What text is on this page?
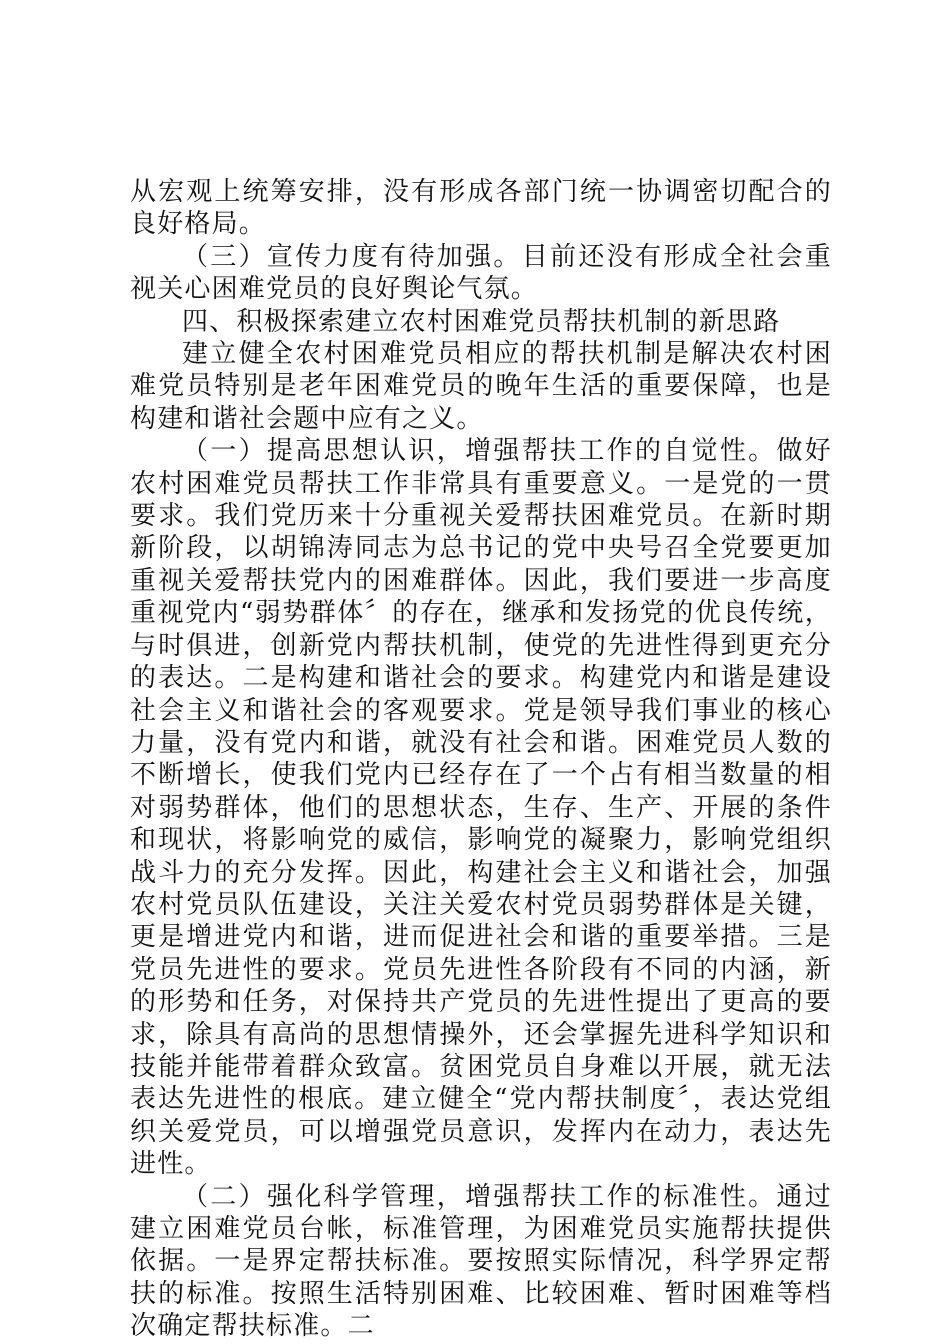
从宏观上统筹安排，没有形成各部门统一协调密切配合的良好格局。

（三）宣传力度有待加强。目前还没有形成全社会重视关心困难党员的良好舆论气氛。

四、积极探索建立农村困难党员帮扶机制的新思路

建立健全农村困难党员相应的帮扶机制是解决农村困难党员特别是老年困难党员的晚年生活的重要保障，也是构建和谐社会题中应有之义。

（一）提高思想认识，增强帮扶工作的自觉性。做好农村困难党员帮扶工作非常具有重要意义。一是党的一贯要求。我们党历来十分重视关爱帮扶困难党员。在新时期新阶段，以胡锦涛同志为总书记的党中央号召全党要更加重视关爱帮扶党内的困难群体。因此，我们要进一步高度重视党内“弱势群体〞的存在，继承和发扬党的优良传统，与时俱进，创新党内帮扶机制，使党的先进性得到更充分的表达。二是构建和谐社会的要求。构建党内和谐是建设社会主义和谐社会的客观要求。党是领导我们事业的核心力量，没有党内和谐，就没有社会和谐。困难党员人数的不断增长，使我们党内已经存在了一个占有相当数量的相对弱势群体，他们的思想状态，生存、生产、开展的条件和现状，将影响党的威信，影响党的凝聚力，影响党组织战斗力的充分发挥。因此，构建社会主义和谐社会，加强农村党员队伍建设，关注关爱农村党员弱势群体是关键，更是增进党内和谐，进而促进社会和谐的重要举措。三是党员先进性的要求。党员先进性各阶段有不同的内涵，新的形势和任务，对保持共产党员的先进性提出了更高的要求，除具有高尚的思想情操外，还会掌握先进科学知识和技能并能带着群众致富。贫困党员自身难以开展，就无法表达先进性的根底。建立健全“党内帮扶制度〞，表达党组织关爱党员，可以增强党员意识，发挥内在动力，表达先进性。

（二）强化科学管理，增强帮扶工作的标准性。通过建立困难党员台帐，标准管理，为困难党员实施帮扶提供依据。一是界定帮扶标准。要按照实际情况，科学界定帮扶的标准。按照生活特别困难、比较困难、暂时困难等档次确定帮扶标准。二
